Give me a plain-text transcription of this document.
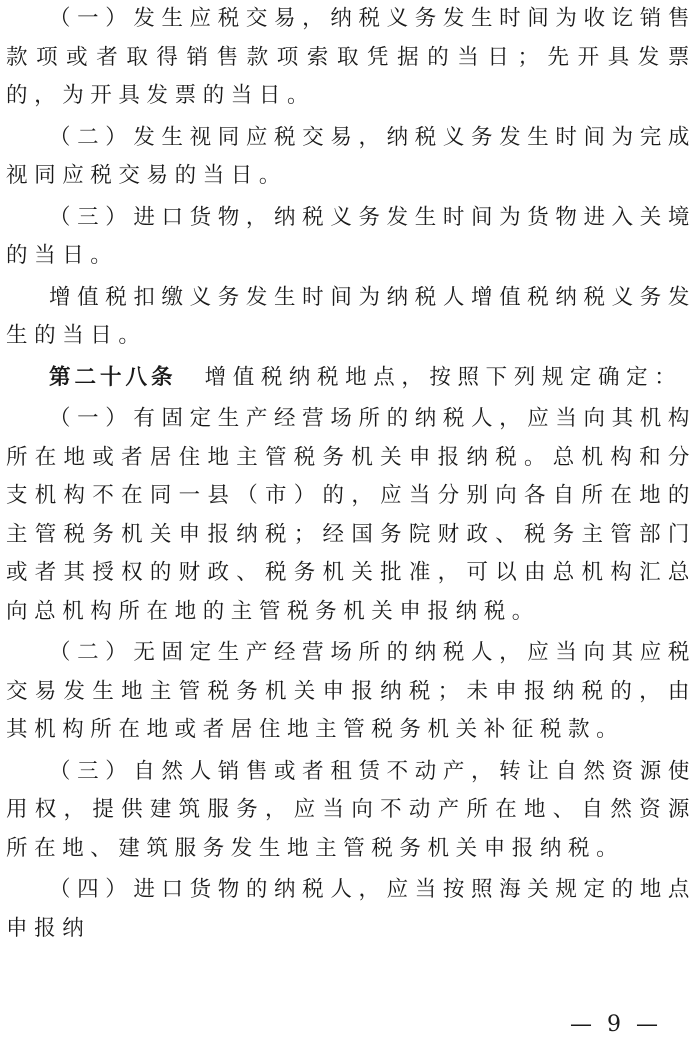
（一）发生应税交易，纳税义务发生时间为收讫销售款项或者取得销售款项索取凭据的当日；先开具发票的，为开具发票的当日。

（二）发生视同应税交易，纳税义务发生时间为完成视同应税交易的当日。

（三）进口货物，纳税义务发生时间为货物进入关境的当日。

增值税扣缴义务发生时间为纳税人增值税纳税义务发生的当日。

第二十八条　 增值税纳税地点，按照下列规定确定：

（一）有固定生产经营场所的纳税人，应当向其机构所在地或者居住地主管税务机关申报纳税。总机构和分支机构不在同一县（市）的，应当分别向各自所在地的主管税务机关申报纳税；经国务院财政、税务主管部门或者其授权的财政、税务机关批准，可以由总机构汇总向总机构所在地的主管税务机关申报纳税。

（二）无固定生产经营场所的纳税人，应当向其应税交易发生地主管税务机关申报纳税；未申报纳税的，由其机构所在地或者居住地主管税务机关补征税款。

（三）自然人销售或者租赁不动产，转让自然资源使用权，提供建筑服务，应当向不动产所在地、自然资源所在地、建筑服务发生地主管税务机关申报纳税。

（四）进口货物的纳税人，应当按照海关规定的地点申报纳

— 9 —
